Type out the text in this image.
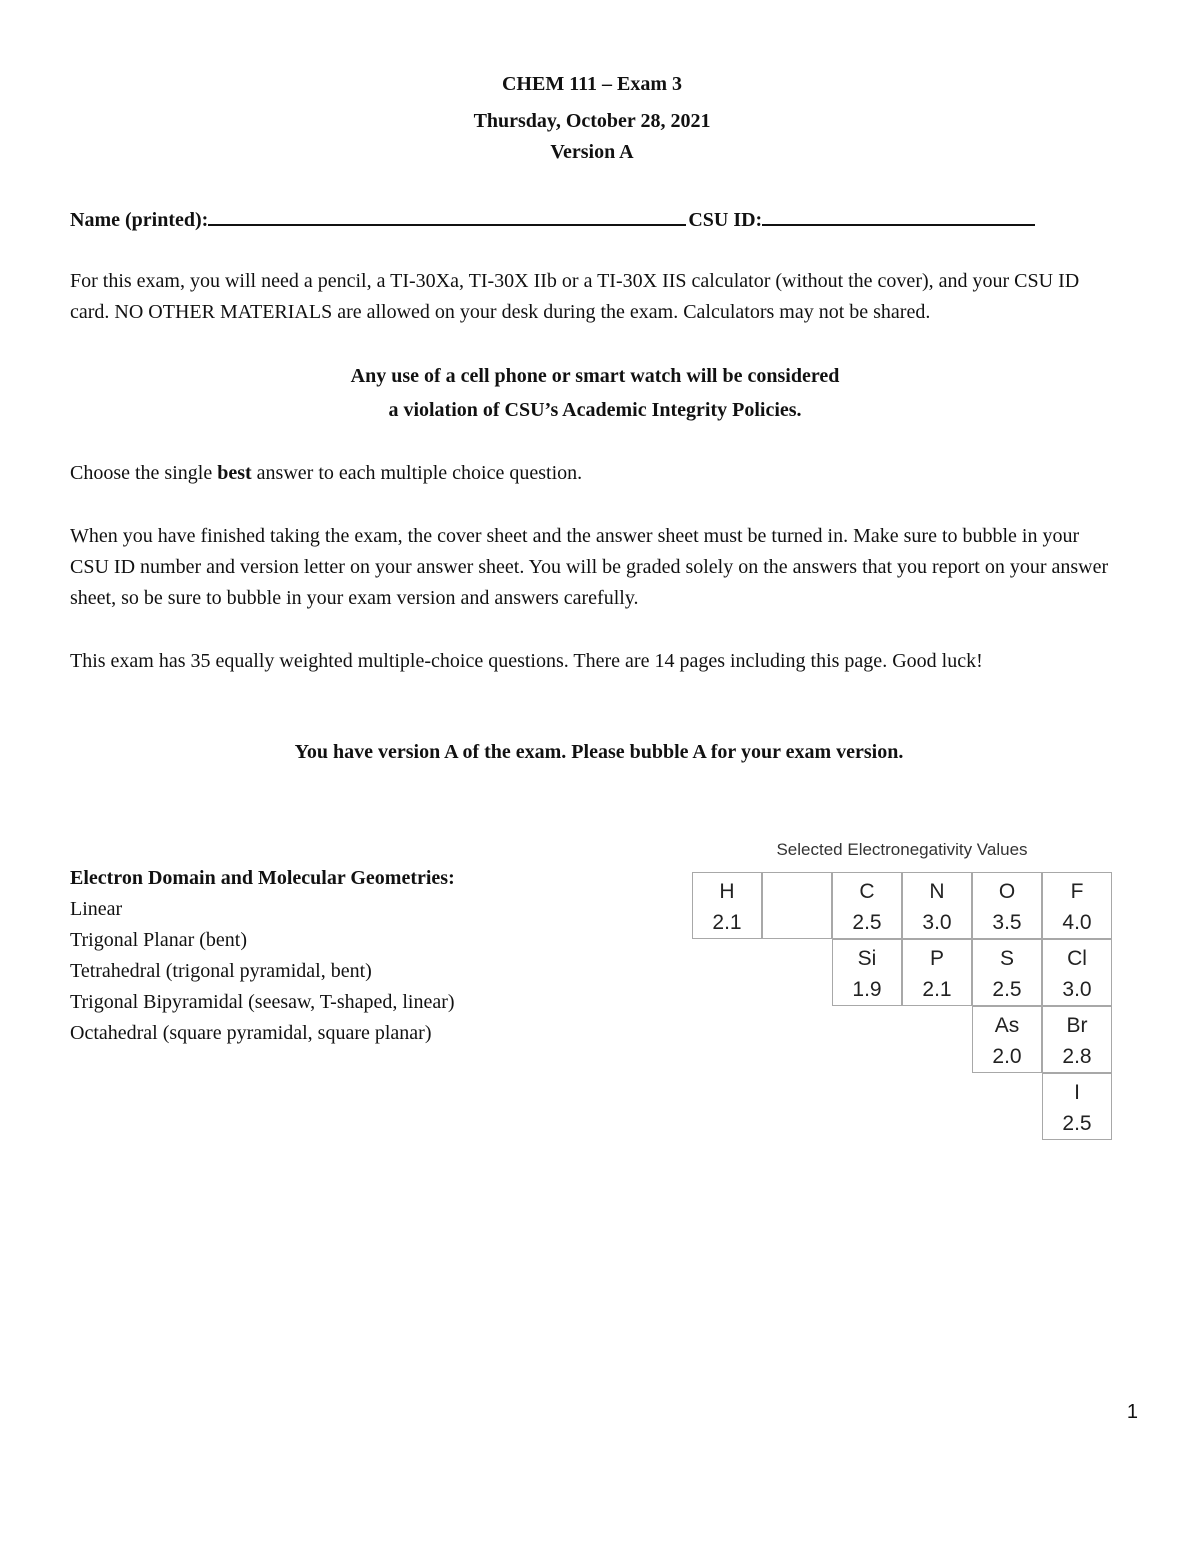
CHEM 111 – Exam 3
Thursday, October 28, 2021
Version A
Name (printed):	CSU ID:
For this exam, you will need a pencil, a TI-30Xa, TI-30X IIb or a TI-30X IIS calculator (without the cover), and your CSU ID card. NO OTHER MATERIALS are allowed on your desk during the exam. Calculators may not be shared.
Any use of a cell phone or smart watch will be considered
a violation of CSU’s Academic Integrity Policies.
Choose the single best answer to each multiple choice question.
When you have finished taking the exam, the cover sheet and the answer sheet must be turned in. Make sure to bubble in your CSU ID number and version letter on your answer sheet. You will be graded solely on the answers that you report on your answer sheet, so be sure to bubble in your exam version and answers carefully.
This exam has 35 equally weighted multiple-choice questions. There are 14 pages including this page. Good luck!
You have version A of the exam. Please bubble A for your exam version.
Electron Domain and Molecular Geometries:
Linear
Trigonal Planar (bent)
Tetrahedral (trigonal pyramidal, bent)
Trigonal Bipyramidal (seesaw, T-shaped, linear)
Octahedral (square pyramidal, square planar)
Selected Electronegativity Values
H
2.1
C
2.5
N
3.0
O
3.5
F
4.0
Si
1.9
P
2.1
S
2.5
Cl
3.0
As
2.0
Br
2.8
I
2.5
1
